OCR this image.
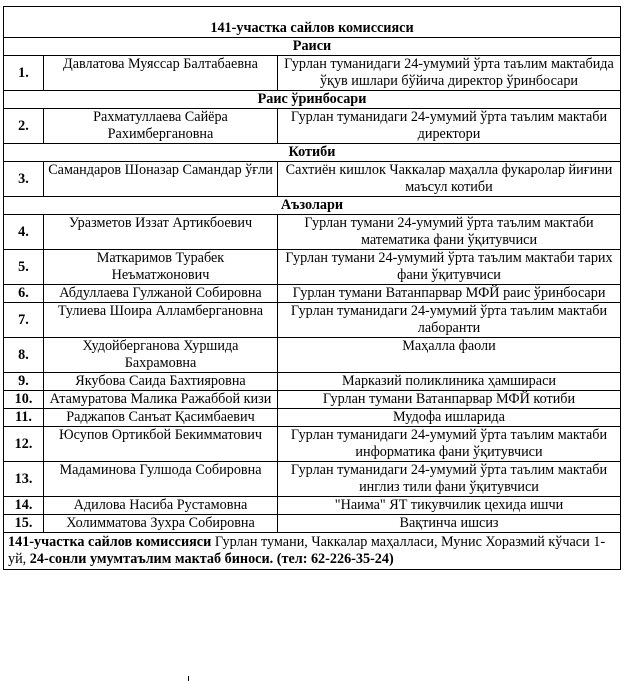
141-участка сайлов комиссияси		
Раиси		
1.	Давлатова Муяссар Балтабаевна	Гурлан туманидаги 24-умумий ўрта таълим мактабида ўқув ишлари бўйича директор ўринбосари
Раис ўринбосари		
2.	Рахматуллаева Сайёра Рахимбергановна	Гурлан туманидаги 24-умумий ўрта таълим мактаби директори
Котиби		
3.	Самандаров Шоназар Самандар ўғли	Сахтиён кишлок Чаккалар маҳалла фукаролар йиғини маъсул котиби
Аъзолари		
4.	Уразметов Иззат Артикбоевич	Гурлан тумани 24-умумий ўрта таълим мактаби математика фани ўқитувчиси
5.	Маткаримов Турабек Неъматжонович	Гурлан тумани 24-умумий ўрта таълим мактаби тарих фани ўқитувчиси
6.	Абдуллаева Гулжаной Собировна	Гурлан тумани Ватанпарвар МФЙ раис ўринбосари
7.	Тулиева Шоира Алламбергановна	Гурлан туманидаги 24-умумий ўрта таълим мактаби лаборанти
8.	Худойберганова Хуршида Бахрамовна	Маҳалла фаоли
9.	Якубова Саида Бахтияровна	Марказий поликлиника ҳамшираси
10.	Атамуратова Малика Ражаббой кизи	Гурлан тумани Ватанпарвар МФЙ котиби
11.	Раджапов Санъат Қасимбаевич	Мудофа ишларида
12.	Юсупов Ортикбой Бекимматович	Гурлан туманидаги 24-умумий ўрта таълим мактаби информатика фани ўқитувчиси
13.	Мадаминова Гулшода Собировна	Гурлан туманидаги 24-умумий ўрта таълим мактаби инглиз тили фани ўқитувчиси
14.	Адилова Насиба Рустамовна	"Наима" ЯТ тикувчилик цехида ишчи
15.	Холимматова Зухра Собировна	Вақтинча ишсиз
141-участка сайлов комиссияси Гурлан тумани, Чаккалар маҳалласи, Мунис Хоразмий кўчаси 1-уй, 24-сонли умумтаълим мактаб биноси. (тел: 62-226-35-24)		
